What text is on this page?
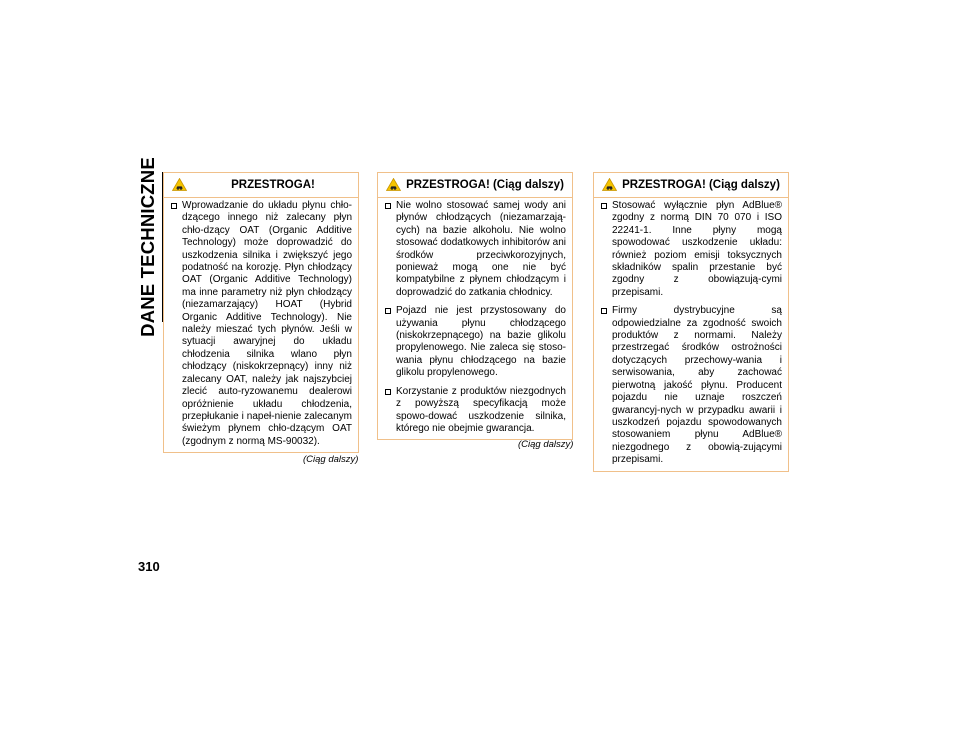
DANE TECHNICZNE	PRZESTROGA!
Wprowadzanie do układu płynu chło-dzącego innego niż zalecany płyn chło-dzący OAT (Organic Additive Technology) może doprowadzić do uszkodzenia silnika i zwiększyć jego podatność na korozję. Płyn chłodzący OAT (Organic Additive Technology) ma inne parametry niż płyn chłodzący (niezamarzający) HOAT (Hybrid Organic Additive Technology). Nie należy mieszać tych płynów. Jeśli w sytuacji awaryjnej do układu chłodzenia silnika wlano płyn chłodzący (niskokrzepnący) inny niż zalecany OAT, należy jak najszybciej zlecić auto-ryzowanemu dealerowi opróżnienie układu chłodzenia, przepłukanie i napeł-nienie zalecanym świeżym płynem chło-dzącym OAT (zgodnym z normą MS-90032).
PRZESTROGA! (Ciąg dalszy)
Nie wolno stosować samej wody ani płynów chłodzących (niezamarzają-cych) na bazie alkoholu. Nie wolno stosować dodatkowych inhibitorów ani środków przeciwkorozyjnych, ponieważ mogą one nie być kompatybilne z płynem chłodzącym i doprowadzić do zatkania chłodnicy.
Pojazd nie jest przystosowany do używania płynu chłodzącego (niskokrzepnącego) na bazie glikolu propylenowego. Nie zaleca się stoso-wania płynu chłodzącego na bazie glikolu propylenowego.
Korzystanie z produktów niezgodnych z powyższą specyfikacją może spowo-dować uszkodzenie silnika, którego nie obejmie gwarancja.
PRZESTROGA! (Ciąg dalszy)
Stosować wyłącznie płyn AdBlue® zgodny z normą DIN 70 070 i ISO 22241-1. Inne płyny mogą spowodować uszkodzenie układu: również poziom emisji toksycznych składników spalin przestanie być zgodny z obowiązują-cymi przepisami.
Firmy dystrybucyjne są odpowiedzialne za zgodność swoich produktów z normami. Należy przestrzegać środków ostrożności dotyczących przechowy-wania i serwisowania, aby zachować pierwotną jakość płynu. Producent pojazdu nie uznaje roszczeń gwarancyj-nych w przypadku awarii i uszkodzeń pojazdu spowodowanych stosowaniem płynu AdBlue® niezgodnego z obowią-zującymi przepisami.
(Ciąg dalszy)
(Ciąg dalszy)
310
